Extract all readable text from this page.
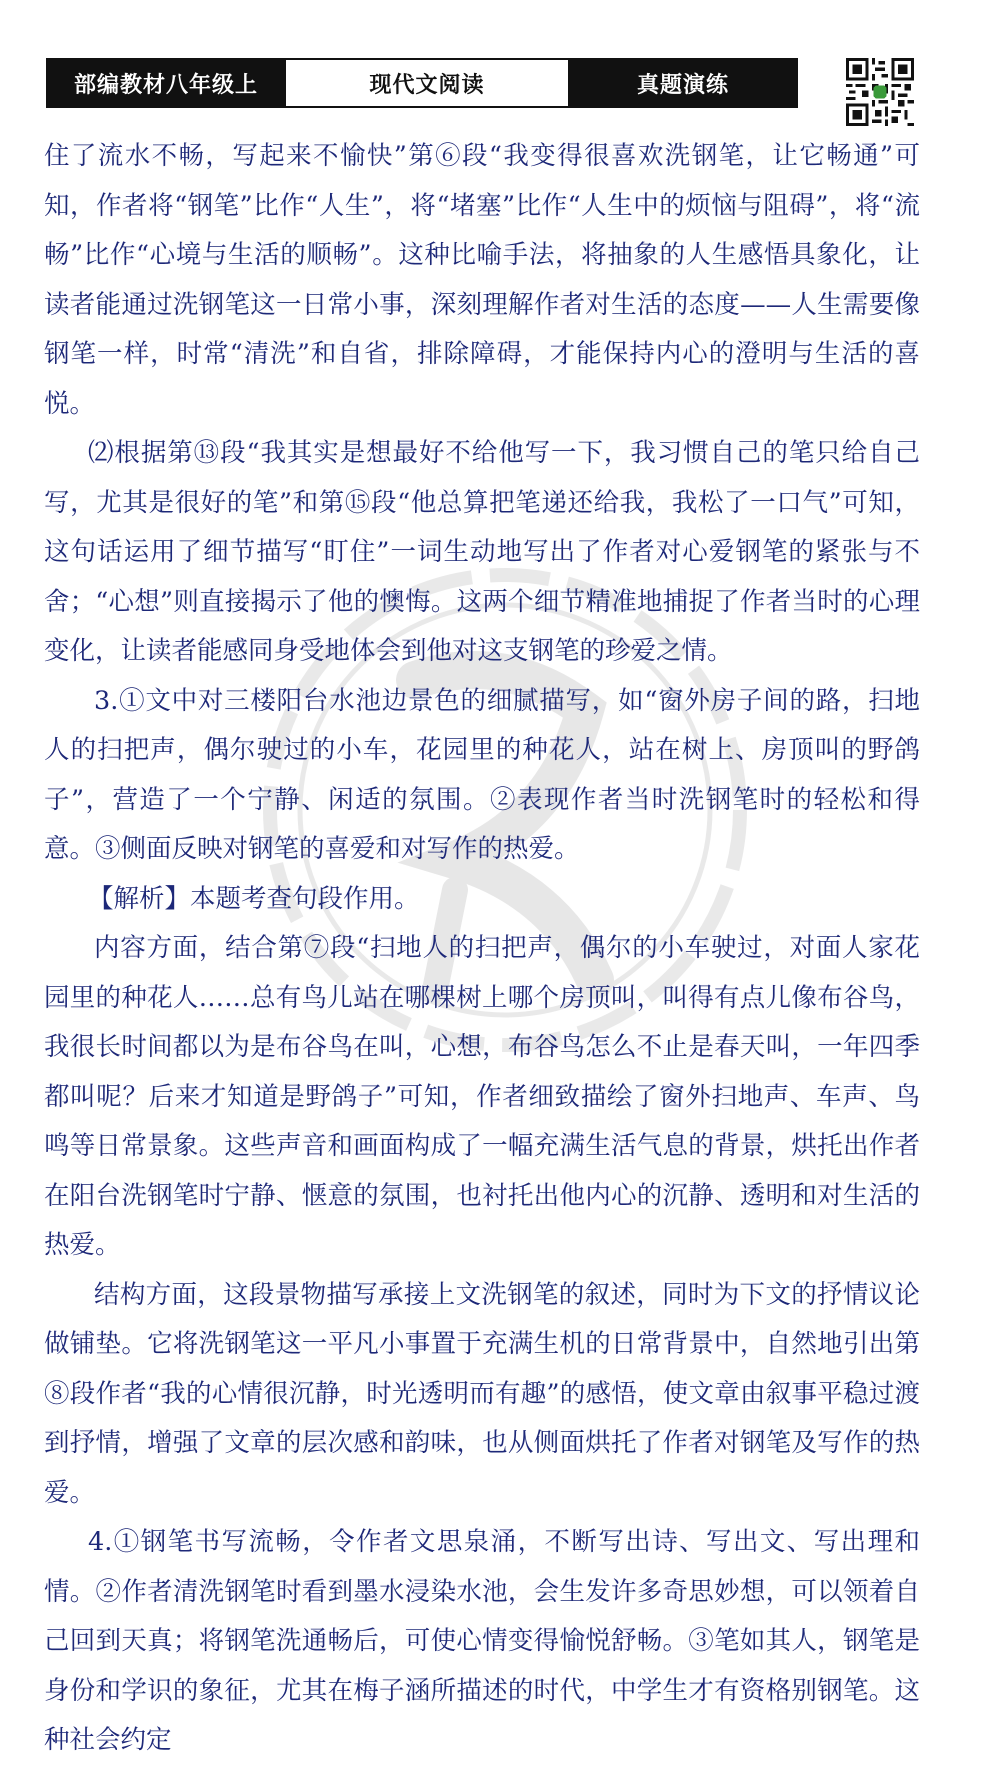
部编教材八年级上	现代文阅读	真题演练

住了流水不畅，写起来不愉快”第⑥段“我变得很喜欢洗钢笔，让它畅通”可知，作者将“钢笔”比作“人生”，将“堵塞”比作“人生中的烦恼与阻碍”，将“流畅”比作“心境与生活的顺畅”。这种比喻手法，将抽象的人生感悟具象化，让读者能通过洗钢笔这一日常小事，深刻理解作者对生活的态度——人生需要像钢笔一样，时常“清洗”和自省，排除障碍，才能保持内心的澄明与生活的喜悦。

⑵根据第⑬段“我其实是想最好不给他写一下，我习惯自己的笔只给自己写，尤其是很好的笔”和第⑮段“他总算把笔递还给我，我松了一口气”可知，这句话运用了细节描写“盯住”一词生动地写出了作者对心爱钢笔的紧张与不舍；“心想”则直接揭示了他的懊悔。这两个细节精准地捕捉了作者当时的心理变化，让读者能感同身受地体会到他对这支钢笔的珍爱之情。

3.①文中对三楼阳台水池边景色的细腻描写，如“窗外房子间的路，扫地人的扫把声，偶尔驶过的小车，花园里的种花人，站在树上、房顶叫的野鸽子”，营造了一个宁静、闲适的氛围。②表现作者当时洗钢笔时的轻松和得意。③侧面反映对钢笔的喜爱和对写作的热爱。

【解析】本题考查句段作用。

内容方面，结合第⑦段“扫地人的扫把声，偶尔的小车驶过，对面人家花园里的种花人……总有鸟儿站在哪棵树上哪个房顶叫，叫得有点儿像布谷鸟，我很长时间都以为是布谷鸟在叫，心想，布谷鸟怎么不止是春天叫，一年四季都叫呢？后来才知道是野鸽子”可知，作者细致描绘了窗外扫地声、车声、鸟鸣等日常景象。这些声音和画面构成了一幅充满生活气息的背景，烘托出作者在阳台洗钢笔时宁静、惬意的氛围，也衬托出他内心的沉静、透明和对生活的热爱。

结构方面，这段景物描写承接上文洗钢笔的叙述，同时为下文的抒情议论做铺垫。它将洗钢笔这一平凡小事置于充满生机的日常背景中，自然地引出第⑧段作者“我的心情很沉静，时光透明而有趣”的感悟，使文章由叙事平稳过渡到抒情，增强了文章的层次感和韵味，也从侧面烘托了作者对钢笔及写作的热爱。

4.①钢笔书写流畅，令作者文思泉涌，不断写出诗、写出文、写出理和情。②作者清洗钢笔时看到墨水浸染水池，会生发许多奇思妙想，可以领着自己回到天真；将钢笔洗通畅后，可使心情变得愉悦舒畅。③笔如其人，钢笔是身份和学识的象征，尤其在梅子涵所描述的时代，中学生才有资格别钢笔。这种社会约定
